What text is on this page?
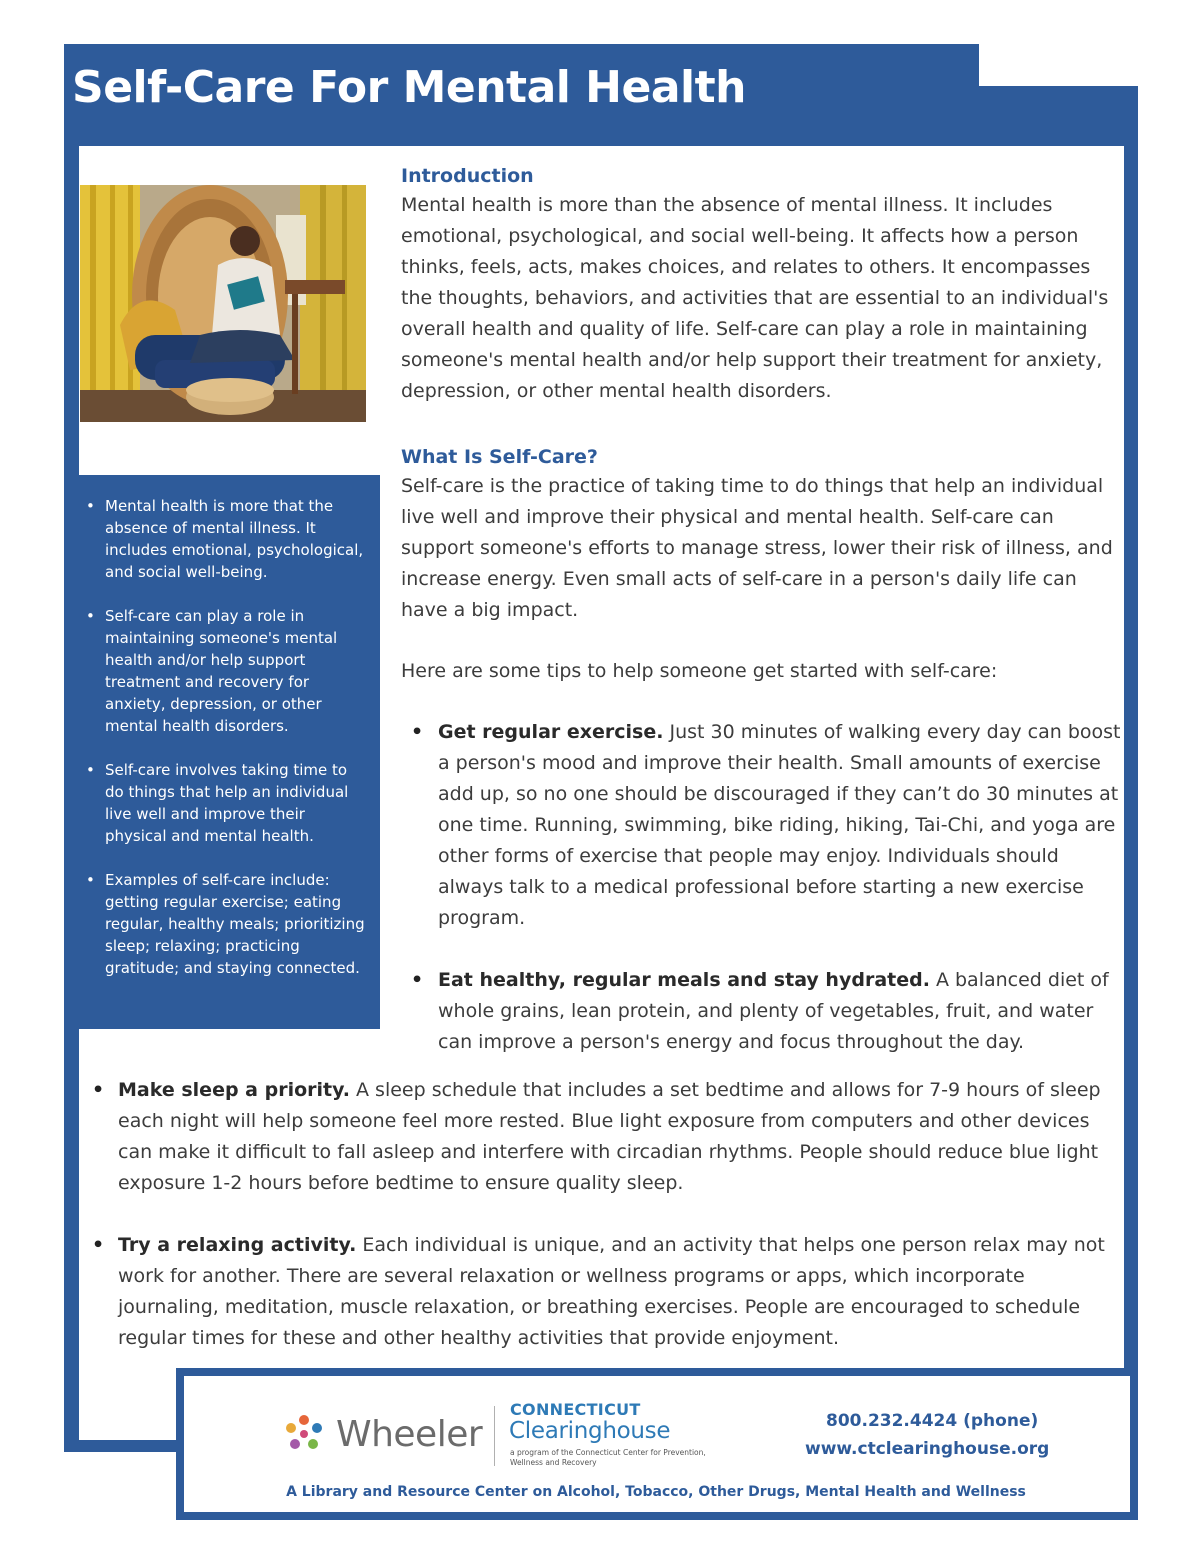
Self-Care For Mental Health
• Mental health is more that the absence of mental illness. It includes emotional, psychological, and social well-being.
• Self-care can play a role in maintaining someone's mental health and/or help support treatment and recovery for anxiety, depression, or other mental health disorders.
• Self-care involves taking time to do things that help an individual live well and improve their physical and mental health.
• Examples of self-care include: getting regular exercise; eating regular, healthy meals; prioritizing sleep; relaxing; practicing gratitude; and staying connected.
Introduction

Mental health is more than the absence of mental illness. It includes emotional, psychological, and social well-being. It affects how a person thinks, feels, acts, makes choices, and relates to others. It encompasses the thoughts, behaviors, and activities that are essential to an individual's overall health and quality of life. Self-care can play a role in maintaining someone's mental health and/or help support their treatment for anxiety, depression, or other mental health disorders.

What Is Self-Care?

Self-care is the practice of taking time to do things that help an individual live well and improve their physical and mental health. Self-care can support someone's efforts to manage stress, lower their risk of illness, and increase energy. Even small acts of self-care in a person's daily life can have a big impact.

Here are some tips to help someone get started with self-care:

• Get regular exercise. Just 30 minutes of walking every day can boost a person's mood and improve their health. Small amounts of exercise add up, so no one should be discouraged if they can’t do 30 minutes at one time. Running, swimming, bike riding, hiking, Tai-Chi, and yoga are other forms of exercise that people may enjoy. Individuals should always talk to a medical professional before starting a new exercise program.
• Eat healthy, regular meals and stay hydrated. A balanced diet of whole grains, lean protein, and plenty of vegetables, fruit, and water can improve a person's energy and focus throughout the day.
• Make sleep a priority. A sleep schedule that includes a set bedtime and allows for 7-9 hours of sleep each night will help someone feel more rested. Blue light exposure from computers and other devices can make it difficult to fall asleep and interfere with circadian rhythms. People should reduce blue light exposure 1-2 hours before bedtime to ensure quality sleep.
• Try a relaxing activity. Each individual is unique, and an activity that helps one person relax may not work for another. There are several relaxation or wellness programs or apps, which incorporate journaling, meditation, muscle relaxation, or breathing exercises. People are encouraged to schedule regular times for these and other healthy activities that provide enjoyment.
Wheeler
CONNECTICUT
Clearinghouse
a program of the Connecticut Center for Prevention, Wellness and Recovery
800.232.4424 (phone)
www.ctclearinghouse.org
A Library and Resource Center on Alcohol, Tobacco, Other Drugs, Mental Health and Wellness
